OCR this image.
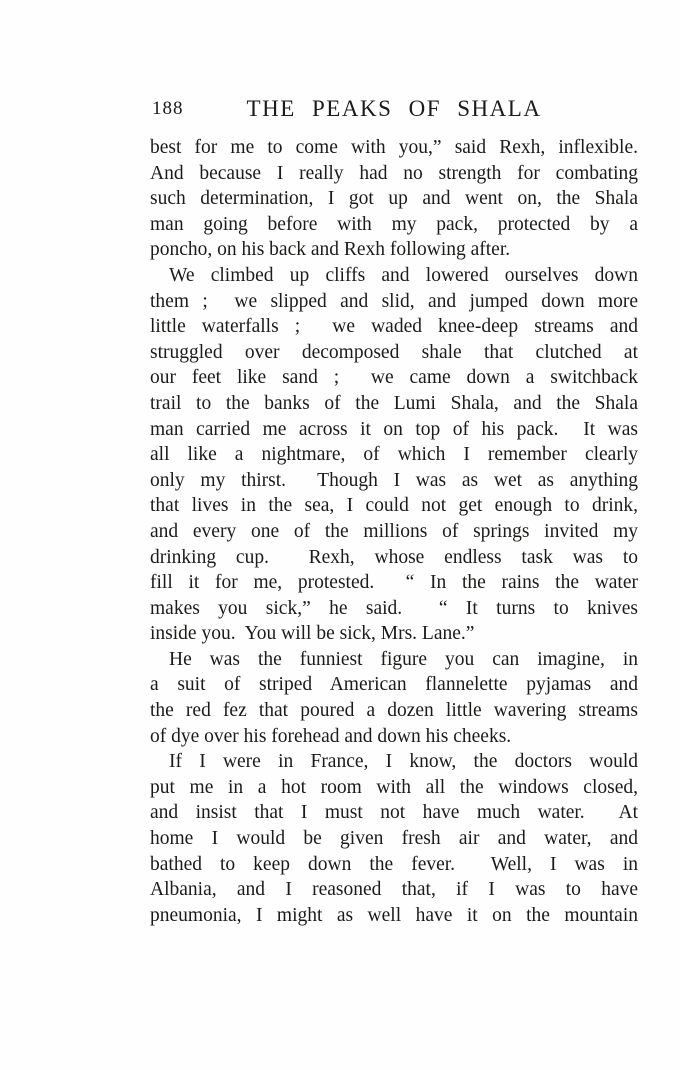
188	THE PEAKS OF SHALA
best for me to come with you,” said Rexh, inflexible.
And because I really had no strength for combating
such determination, I got up and went on, the Shala
man going before with my pack, protected by a
poncho, on his back and Rexh following after.
We climbed up cliffs and lowered ourselves down
them ;  we slipped and slid, and jumped down more
little waterfalls ;  we waded knee-deep streams and
struggled over decomposed shale that clutched at
our feet like sand ;  we came down a switchback
trail to the banks of the Lumi Shala, and the Shala
man carried me across it on top of his pack.  It was
all like a nightmare, of which I remember clearly
only my thirst.  Though I was as wet as anything
that lives in the sea, I could not get enough to drink,
and every one of the millions of springs invited my
drinking cup.  Rexh, whose endless task was to
fill it for me, protested.  “ In the rains the water
makes you sick,” he said.  “ It turns to knives
inside you.  You will be sick, Mrs. Lane.”
He was the funniest figure you can imagine, in
a suit of striped American flannelette pyjamas and
the red fez that poured a dozen little wavering streams
of dye over his forehead and down his cheeks.
If I were in France, I know, the doctors would
put me in a hot room with all the windows closed,
and insist that I must not have much water.  At
home I would be given fresh air and water, and
bathed to keep down the fever.  Well, I was in
Albania, and I reasoned that, if I was to have
pneumonia, I might as well have it on the mountain
